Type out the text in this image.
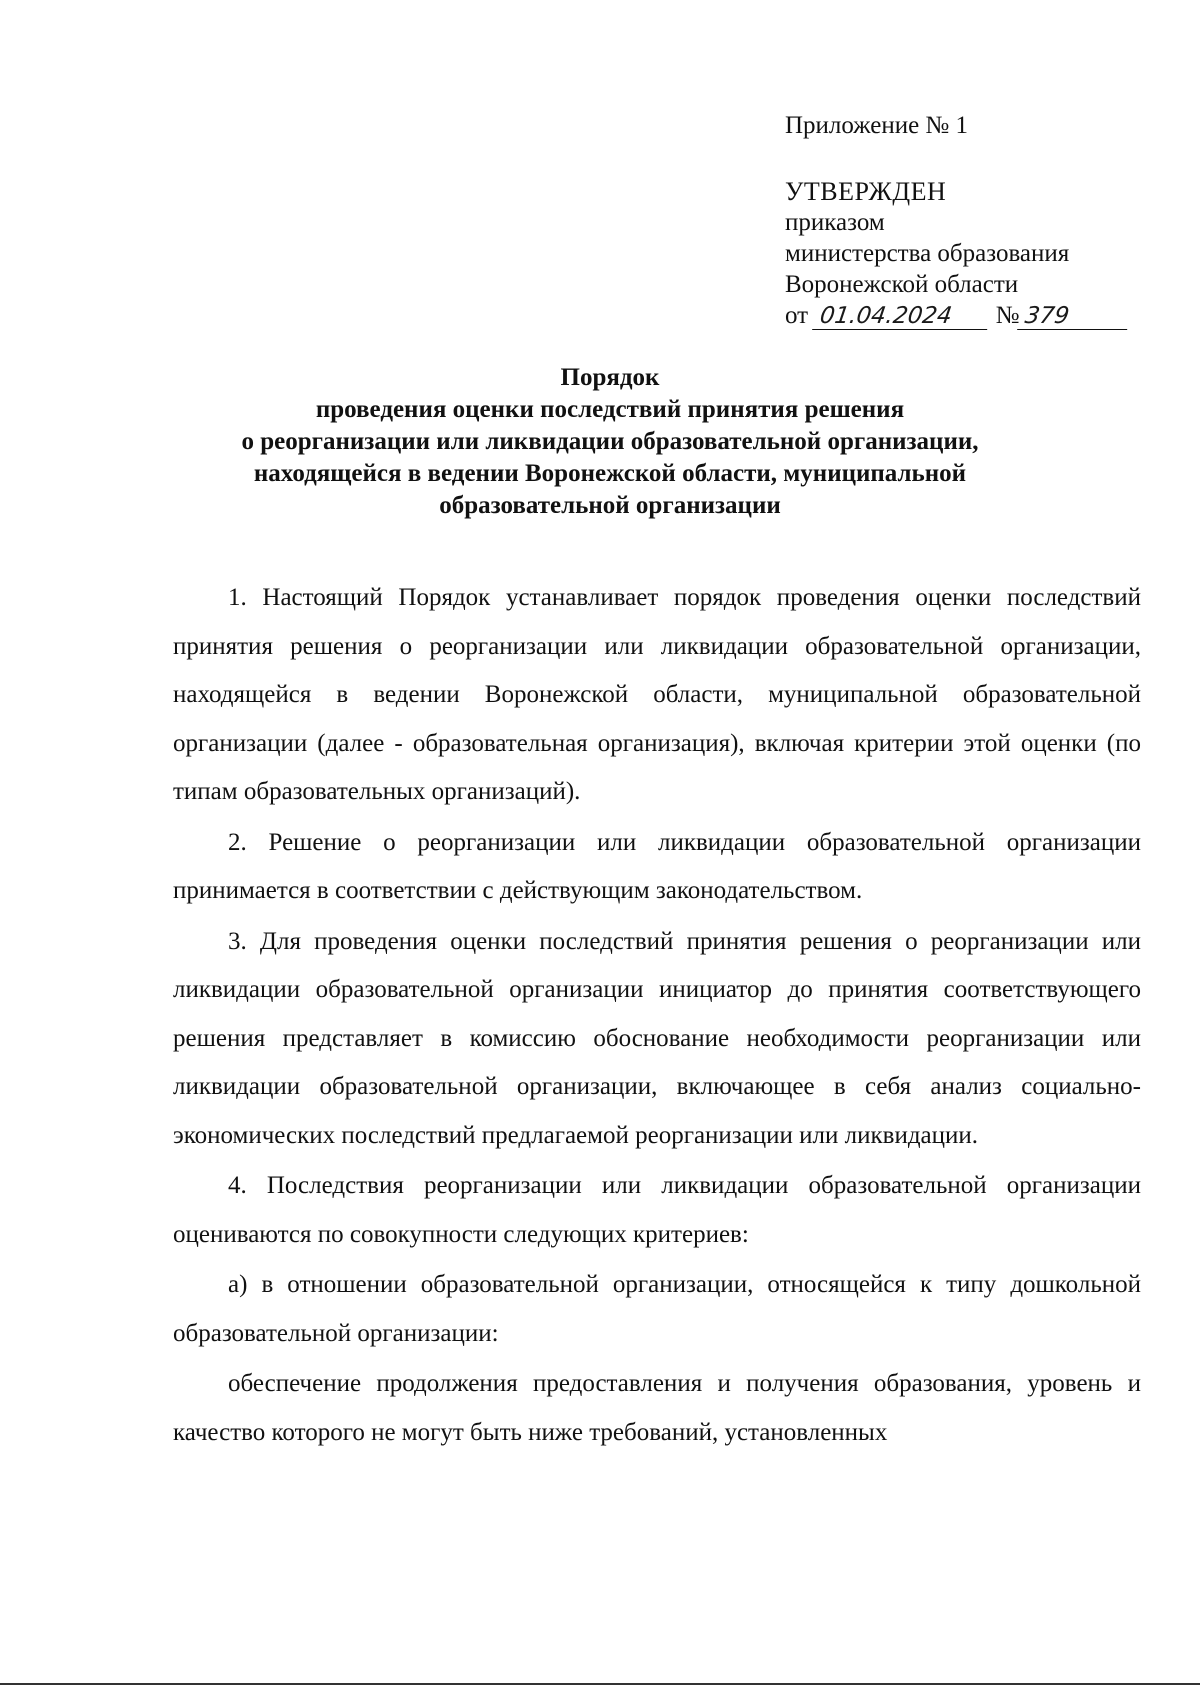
Приложение № 1
УТВЕРЖДЕН
приказом
министерства образования
Воронежской области
от 01.04.2024 № 379
Порядок
проведения оценки последствий принятия решения
о реорганизации или ликвидации образовательной организации,
находящейся в ведении Воронежской области, муниципальной
образовательной организации

1. Настоящий Порядок устанавливает порядок проведения оценки последствий принятия решения о реорганизации или ликвидации образовательной организации, находящейся в ведении Воронежской области, муниципальной образовательной организации (далее - образовательная организация), включая критерии этой оценки (по типам образовательных организаций).

2. Решение о реорганизации или ликвидации образовательной организации принимается в соответствии с действующим законодательством.

3. Для проведения оценки последствий принятия решения о реорганизации или ликвидации образовательной организации инициатор до принятия соответствующего решения представляет в комиссию обоснование необходимости реорганизации или ликвидации образовательной организации, включающее в себя анализ социально-экономических последствий предлагаемой реорганизации или ликвидации.

4. Последствия реорганизации или ликвидации образовательной организации оцениваются по совокупности следующих критериев:

а) в отношении образовательной организации, относящейся к типу дошкольной образовательной организации:

обеспечение продолжения предоставления и получения образования, уровень и качество которого не могут быть ниже требований, установленных
